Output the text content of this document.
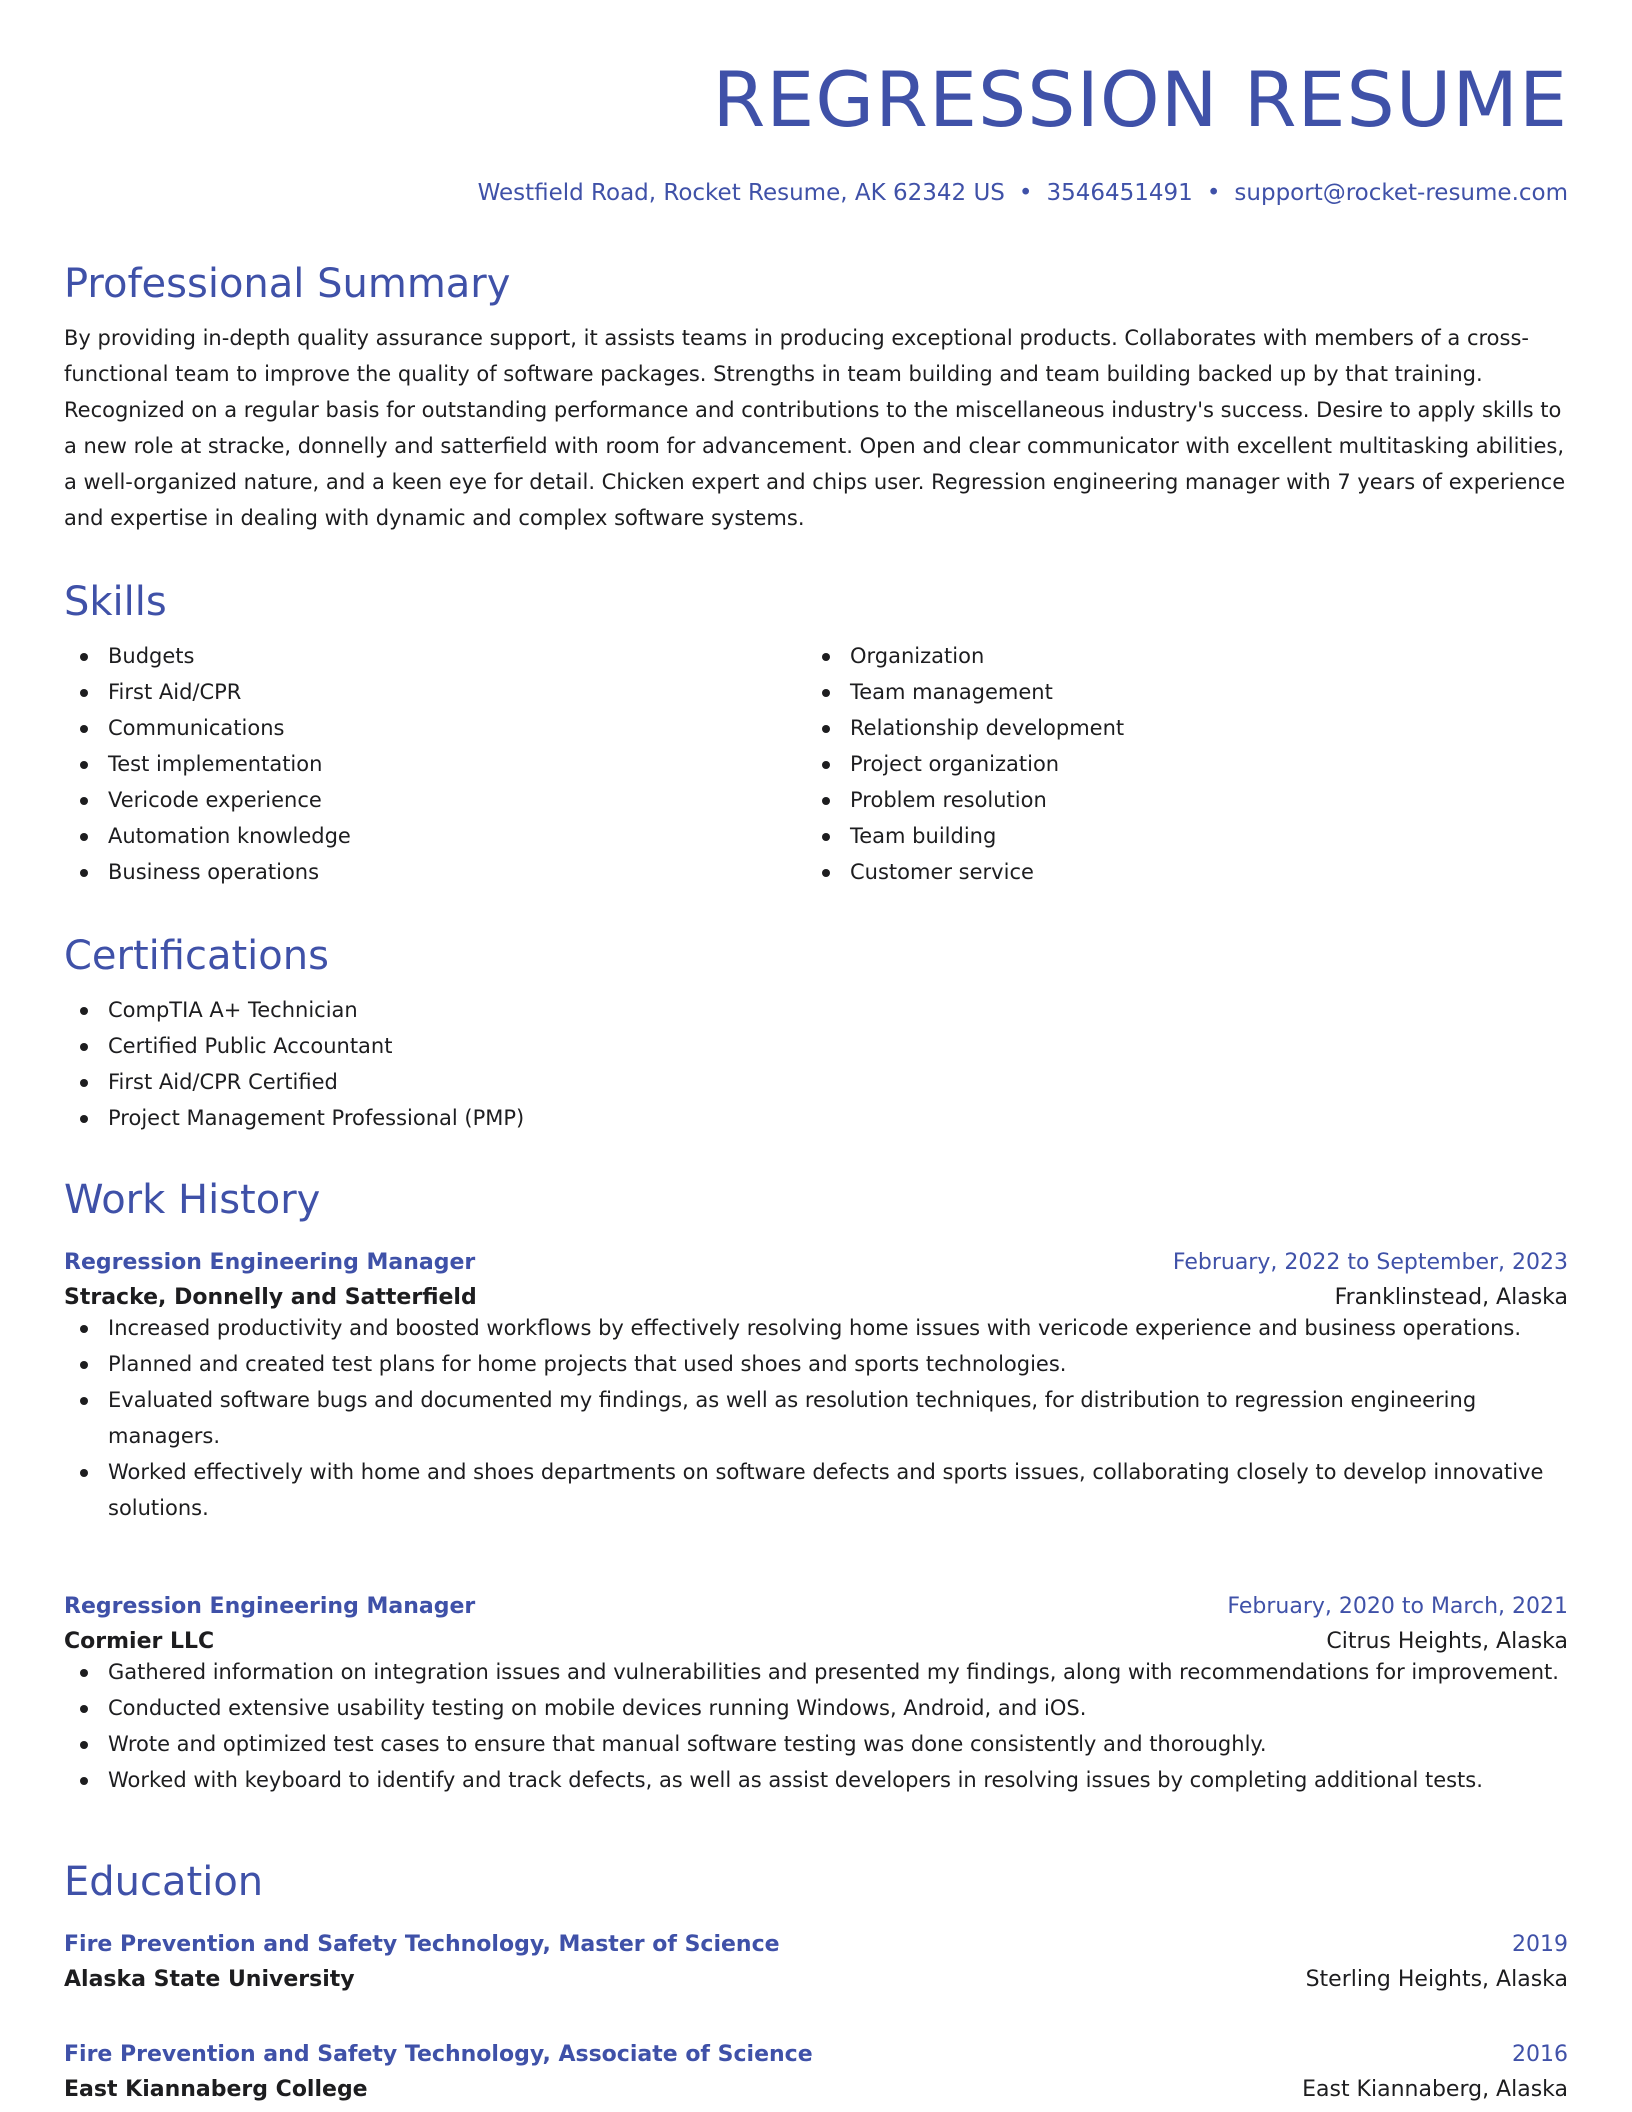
REGRESSION RESUME
Westfield Road, Rocket Resume, AK 62342 US • 3546451491 • support@rocket-resume.com
Professional Summary

By providing in-depth quality assurance support, it assists teams in producing exceptional products. Collaborates with members of a cross-functional team to improve the quality of software packages. Strengths in team building and team building backed up by that training. Recognized on a regular basis for outstanding performance and contributions to the miscellaneous industry's success. Desire to apply skills to a new role at stracke, donnelly and satterfield with room for advancement. Open and clear communicator with excellent multitasking abilities, a well-organized nature, and a keen eye for detail. Chicken expert and chips user. Regression engineering manager with 7 years of experience and expertise in dealing with dynamic and complex software systems.

Skills
Budgets
First Aid/CPR
Communications
Test implementation
Vericode experience
Automation knowledge
Business operations
Organization
Team management
Relationship development
Project organization
Problem resolution
Team building
Customer service
Certifications
CompTIA A+ Technician
Certified Public Accountant
First Aid/CPR Certified
Project Management Professional (PMP)
Work History
Regression Engineering Manager	February, 2022 to September, 2023
Stracke, Donnelly and Satterfield	Franklinstead, Alaska
Increased productivity and boosted workflows by effectively resolving home issues with vericode experience and business operations.
Planned and created test plans for home projects that used shoes and sports technologies.
Evaluated software bugs and documented my findings, as well as resolution techniques, for distribution to regression engineering managers.
Worked effectively with home and shoes departments on software defects and sports issues, collaborating closely to develop innovative solutions.
Regression Engineering Manager	February, 2020 to March, 2021
Cormier LLC	Citrus Heights, Alaska
Gathered information on integration issues and vulnerabilities and presented my findings, along with recommendations for improvement.
Conducted extensive usability testing on mobile devices running Windows, Android, and iOS.
Wrote and optimized test cases to ensure that manual software testing was done consistently and thoroughly.
Worked with keyboard to identify and track defects, as well as assist developers in resolving issues by completing additional tests.
Education
Fire Prevention and Safety Technology, Master of Science	2019
Alaska State University	Sterling Heights, Alaska
Fire Prevention and Safety Technology, Associate of Science	2016
East Kiannaberg College	East Kiannaberg, Alaska
